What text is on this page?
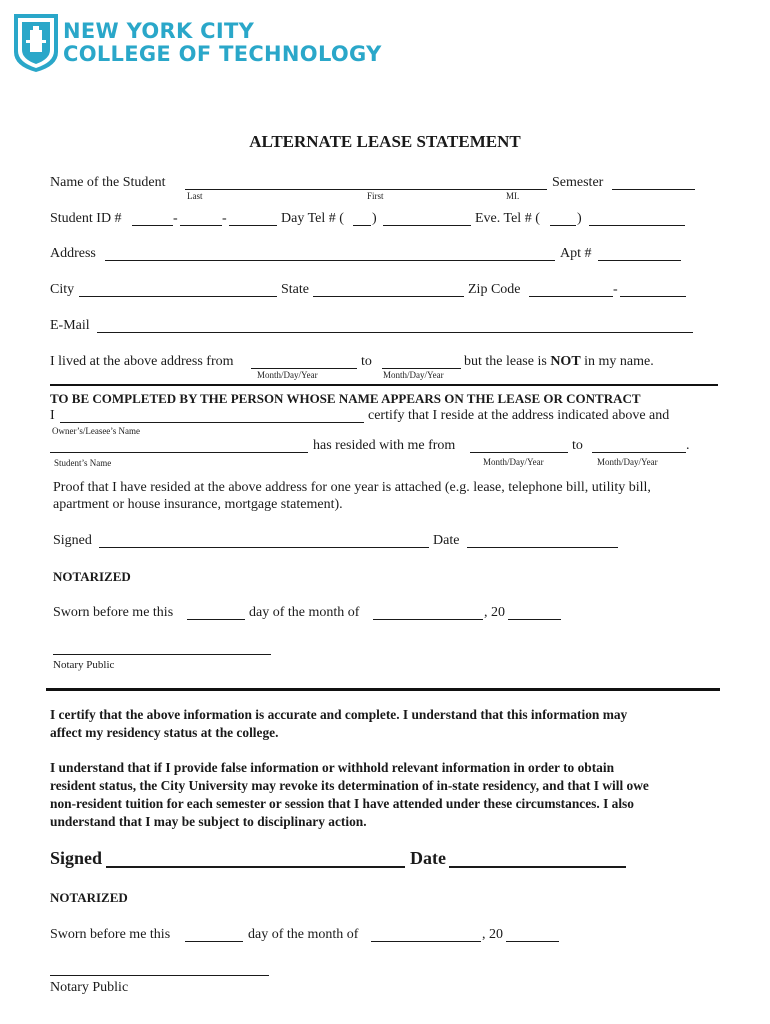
NEW YORK CITY
COLLEGE OF TECHNOLOGY
ALTERNATE LEASE STATEMENT
Name of the Student	Semester
Last	First	MI.
Student ID #	-	-	Day Tel # ( )	Eve. Tel # (	)
Address	Apt #
City	State	Zip Code	-
E-Mail
I lived at the above address from	to	but the lease is NOT in my name.
Month/Day/Year	Month/Day/Year
TO BE COMPLETED BY THE PERSON WHOSE NAME APPEARS ON THE LEASE OR CONTRACT
I	certify that I reside at the address indicated above and
Owner’s/Leasee’s Name
has resided with me from	to	.
Student’s Name	Month/Day/Year	Month/Day/Year
Proof that I have resided at the above address for one year is attached (e.g. lease, telephone bill, utility bill,
apartment or house insurance, mortgage statement).
Signed	Date
NOTARIZED
Sworn before me this	day of the month of	, 20
Notary Public
I certify that the above information is accurate and complete. I understand that this information may
affect my residency status at the college.
I understand that if I provide false information or withhold relevant information in order to obtain
resident status, the City University may revoke its determination of in-state residency, and that I will owe
non-resident tuition for each semester or session that I have attended under these circumstances. I also
understand that I may be subject to disciplinary action.
Signed	Date
NOTARIZED
Sworn before me this	day of the month of	, 20
Notary Public
